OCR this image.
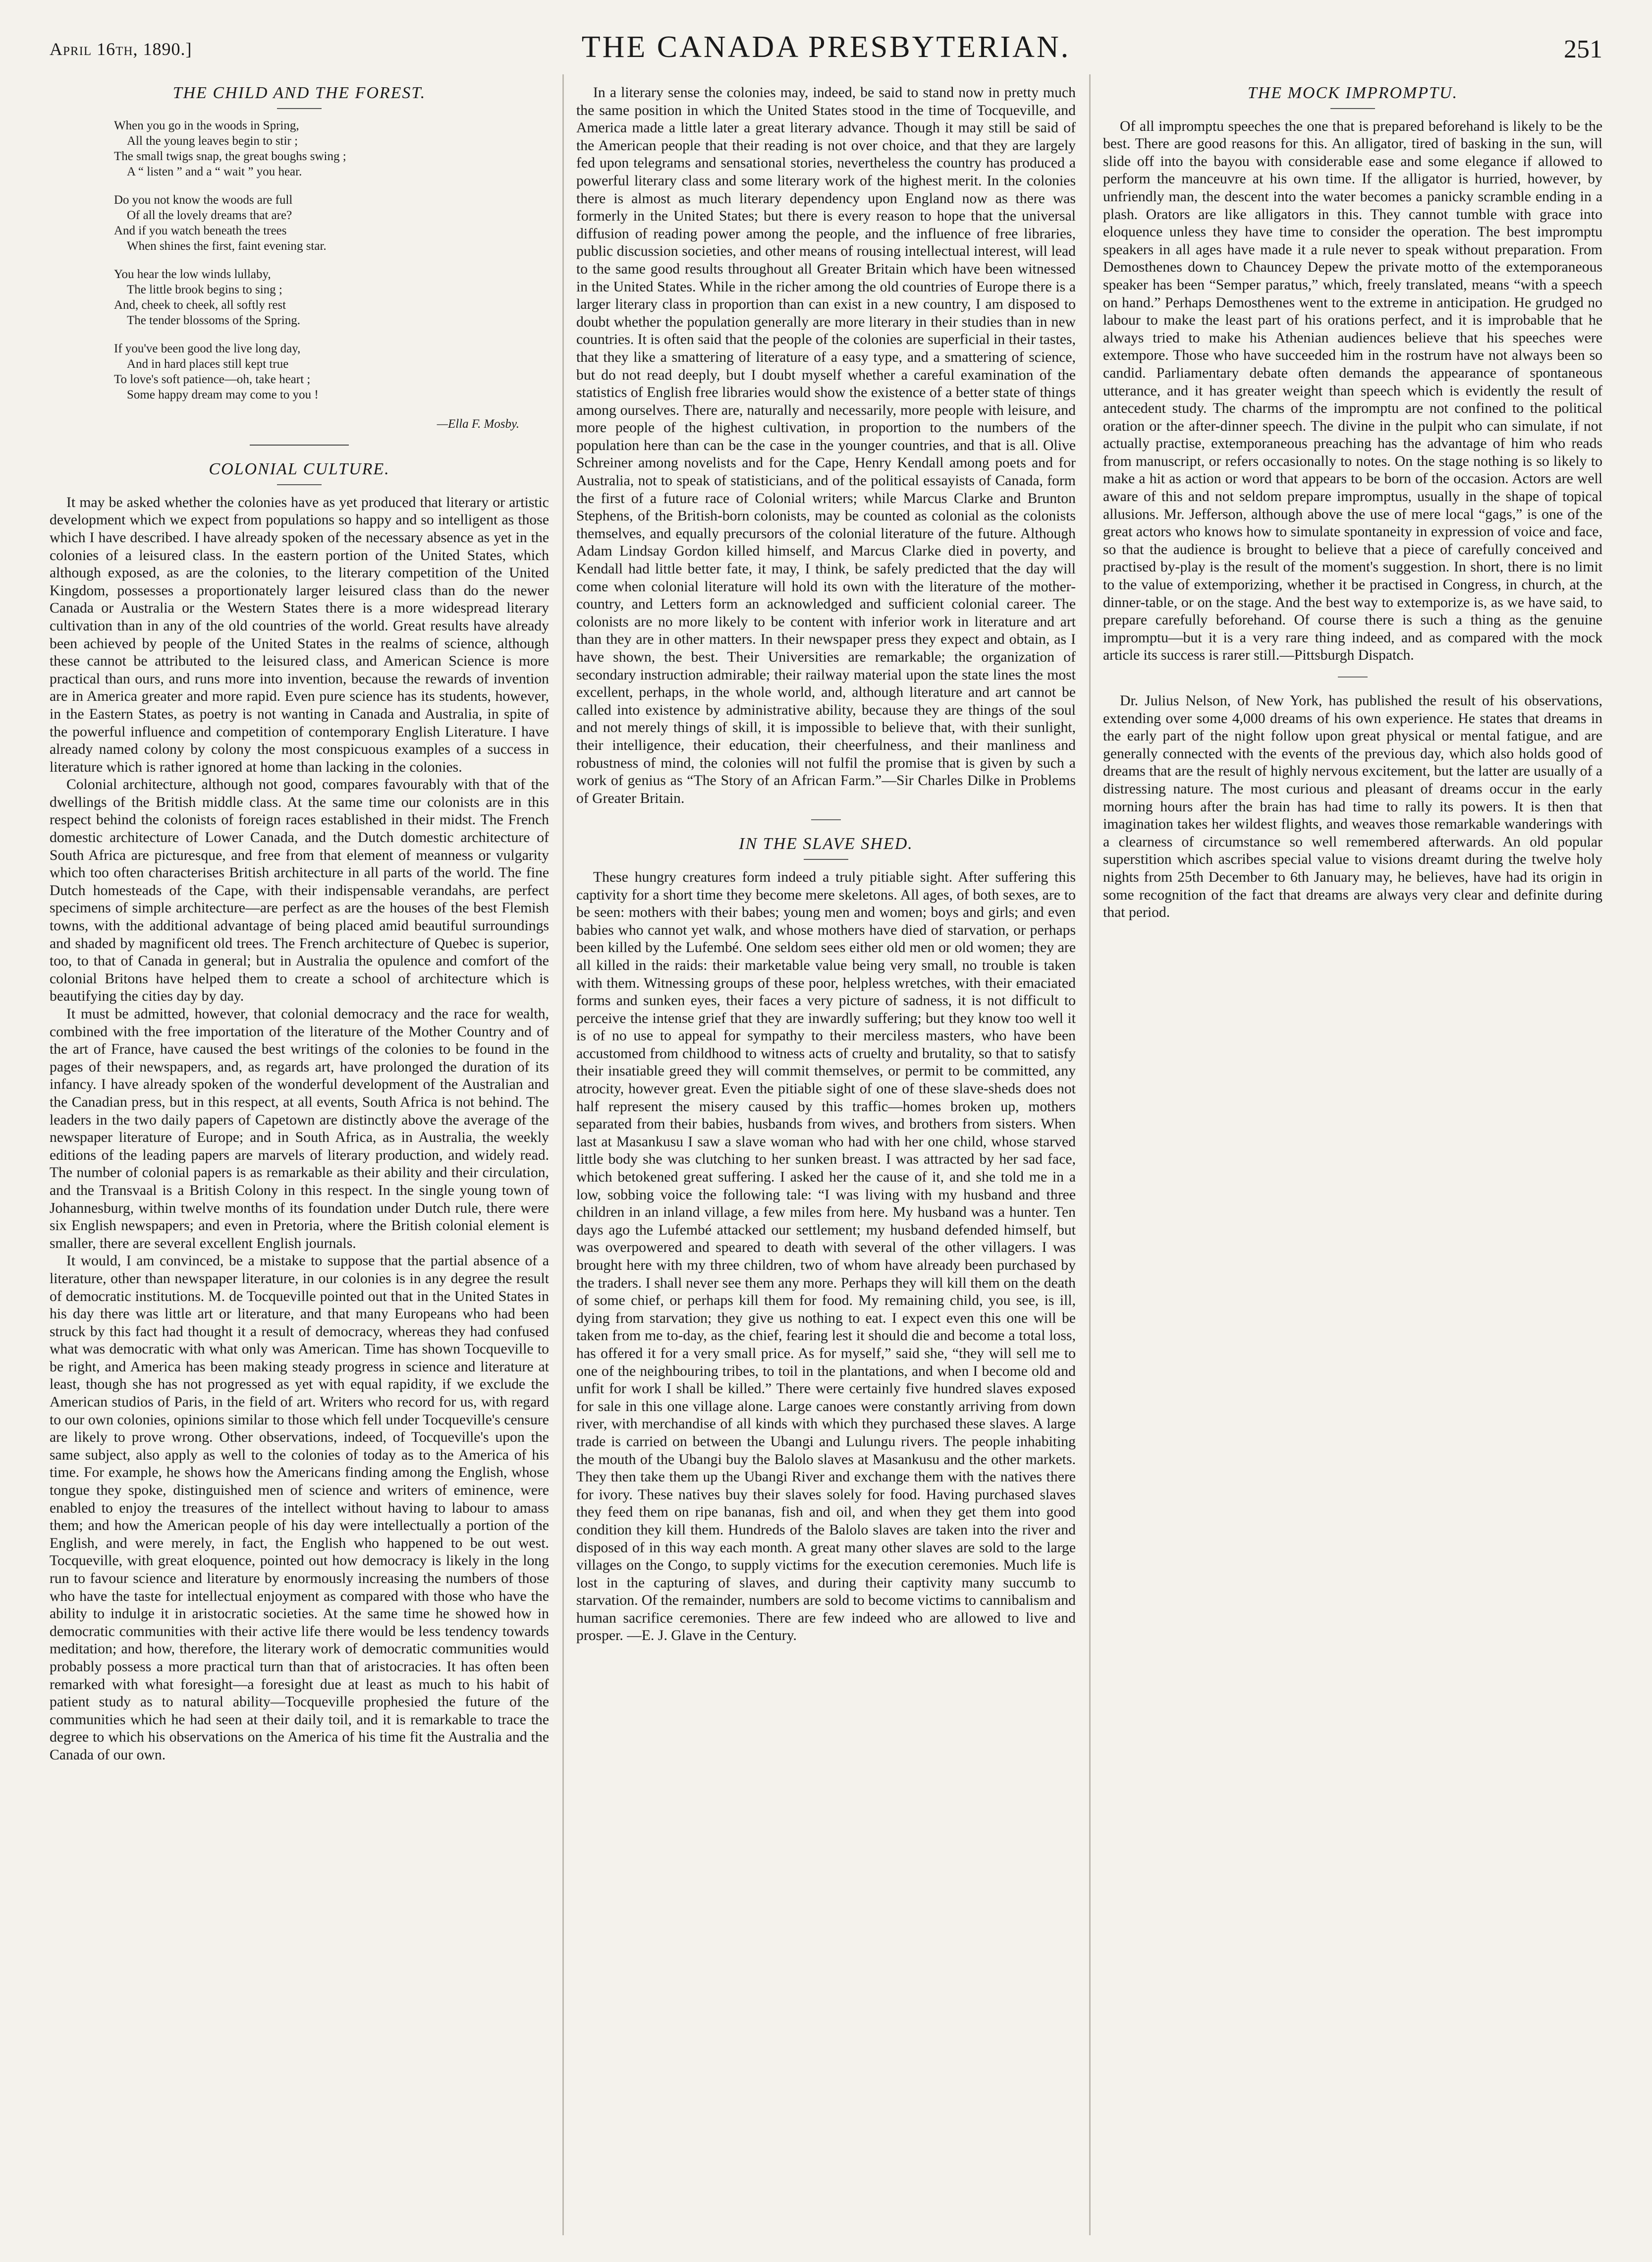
April 16th, 1890.]	THE CANADA PRESBYTERIAN.	251
THE CHILD AND THE FOREST.
When you go in the woods in Spring,
All the young leaves begin to stir ;
The small twigs snap, the great boughs swing ;
A “ listen ” and a “ wait ” you hear.
Do you not know the woods are full
Of all the lovely dreams that are?
And if you watch beneath the trees
When shines the first, faint evening star.
You hear the low winds lullaby,
The little brook begins to sing ;
And, cheek to cheek, all softly rest
The tender blossoms of the Spring.
If you've been good the live long day,
And in hard places still kept true
To love's soft patience—oh, take heart ;
Some happy dream may come to you !
—Ella F. Mosby.
COLONIAL CULTURE.

It may be asked whether the colonies have as yet produced that literary or artistic development which we expect from populations so happy and so intelligent as those which I have described. I have already spoken of the necessary absence as yet in the colonies of a leisured class. In the eastern portion of the United States, which although exposed, as are the colonies, to the literary competition of the United Kingdom, possesses a proportionately larger leisured class than do the newer Canada or Australia or the Western States there is a more widespread literary cultivation than in any of the old countries of the world. Great results have already been achieved by people of the United States in the realms of science, although these cannot be attributed to the leisured class, and American Science is more practical than ours, and runs more into invention, because the rewards of invention are in America greater and more rapid. Even pure science has its students, however, in the Eastern States, as poetry is not wanting in Canada and Australia, in spite of the powerful influence and competition of contemporary English Literature. I have already named colony by colony the most conspicuous examples of a success in literature which is rather ignored at home than lacking in the colonies.

Colonial architecture, although not good, compares favourably with that of the dwellings of the British middle class. At the same time our colonists are in this respect behind the colonists of foreign races established in their midst. The French domestic architecture of Lower Canada, and the Dutch domestic architecture of South Africa are picturesque, and free from that element of meanness or vulgarity which too often characterises British architecture in all parts of the world. The fine Dutch homesteads of the Cape, with their indispensable verandahs, are perfect specimens of simple architecture—are perfect as are the houses of the best Flemish towns, with the additional advantage of being placed amid beautiful surroundings and shaded by magnificent old trees. The French architecture of Quebec is superior, too, to that of Canada in general; but in Australia the opulence and comfort of the colonial Britons have helped them to create a school of architecture which is beautifying the cities day by day.

It must be admitted, however, that colonial democracy and the race for wealth, combined with the free importation of the literature of the Mother Country and of the art of France, have caused the best writings of the colonies to be found in the pages of their newspapers, and, as regards art, have prolonged the duration of its infancy. I have already spoken of the wonderful development of the Australian and the Canadian press, but in this respect, at all events, South Africa is not behind. The leaders in the two daily papers of Capetown are distinctly above the average of the newspaper literature of Europe; and in South Africa, as in Australia, the weekly editions of the leading papers are marvels of literary production, and widely read. The number of colonial papers is as remarkable as their ability and their circulation, and the Transvaal is a British Colony in this respect. In the single young town of Johannesburg, within twelve months of its foundation under Dutch rule, there were six English newspapers; and even in Pretoria, where the British colonial element is smaller, there are several excellent English journals.

It would, I am convinced, be a mistake to suppose that the partial absence of a literature, other than newspaper literature, in our colonies is in any degree the result of democratic institutions. M. de Tocqueville pointed out that in the United States in his day there was little art or literature, and that many Europeans who had been struck by this fact had thought it a result of democracy, whereas they had confused what was democratic with what only was American. Time has shown Tocqueville to be right, and America has been making steady progress in science and literature at least, though she has not progressed as yet with equal rapidity, if we exclude the American studios of Paris, in the field of art. Writers who record for us, with regard to our own colonies, opinions similar to those which fell under Tocqueville's censure are likely to prove wrong. Other observations, indeed, of Tocqueville's upon the same subject, also apply as well to the colonies of today as to the America of his time. For example, he shows how the Americans finding among the English, whose tongue they spoke, distinguished men of science and writers of eminence, were enabled to enjoy the treasures of the intellect without having to labour to amass them; and how the American people of his day were intellectually a portion of the English, and were merely, in fact, the English who happened to be out west. Tocqueville, with great eloquence, pointed out how democracy is likely in the long run to favour science and literature by enormously increasing the numbers of those who have the taste for intellectual enjoyment as compared with those who have the ability to indulge it in aristocratic societies. At the same time he showed how in democratic communities with their active life there would be less tendency towards meditation; and how, therefore, the literary work of democratic communities would probably possess a more practical turn than that of aristocracies. It has often been remarked with what foresight—a foresight due at least as much to his habit of patient study as to natural ability—Tocqueville prophesied the future of the communities which he had seen at their daily toil, and it is remarkable to trace the degree to which his observations on the America of his time fit the Australia and the Canada of our own.

In a literary sense the colonies may, indeed, be said to stand now in pretty much the same position in which the United States stood in the time of Tocqueville, and America made a little later a great literary advance. Though it may still be said of the American people that their reading is not over choice, and that they are largely fed upon telegrams and sensational stories, nevertheless the country has produced a powerful literary class and some literary work of the highest merit. In the colonies there is almost as much literary dependency upon England now as there was formerly in the United States; but there is every reason to hope that the universal diffusion of reading power among the people, and the influence of free libraries, public discussion societies, and other means of rousing intellectual interest, will lead to the same good results throughout all Greater Britain which have been witnessed in the United States. While in the richer among the old countries of Europe there is a larger literary class in proportion than can exist in a new country, I am disposed to doubt whether the population generally are more literary in their studies than in new countries. It is often said that the people of the colonies are superficial in their tastes, that they like a smattering of literature of a easy type, and a smattering of science, but do not read deeply, but I doubt myself whether a careful examination of the statistics of English free libraries would show the existence of a better state of things among ourselves. There are, naturally and necessarily, more people with leisure, and more people of the highest cultivation, in proportion to the numbers of the population here than can be the case in the younger countries, and that is all. Olive Schreiner among novelists and for the Cape, Henry Kendall among poets and for Australia, not to speak of statisticians, and of the political essayists of Canada, form the first of a future race of Colonial writers; while Marcus Clarke and Brunton Stephens, of the British-born colonists, may be counted as colonial as the colonists themselves, and equally precursors of the colonial literature of the future. Although Adam Lindsay Gordon killed himself, and Marcus Clarke died in poverty, and Kendall had little better fate, it may, I think, be safely predicted that the day will come when colonial literature will hold its own with the literature of the mother-country, and Letters form an acknowledged and sufficient colonial career. The colonists are no more likely to be content with inferior work in literature and art than they are in other matters. In their newspaper press they expect and obtain, as I have shown, the best. Their Universities are remarkable; the organization of secondary instruction admirable; their railway material upon the state lines the most excellent, perhaps, in the whole world, and, although literature and art cannot be called into existence by administrative ability, because they are things of the soul and not merely things of skill, it is impossible to believe that, with their sunlight, their intelligence, their education, their cheerfulness, and their manliness and robustness of mind, the colonies will not fulfil the promise that is given by such a work of genius as “The Story of an African Farm.”—Sir Charles Dilke in Problems of Greater Britain.

IN THE SLAVE SHED.

These hungry creatures form indeed a truly pitiable sight. After suffering this captivity for a short time they become mere skeletons. All ages, of both sexes, are to be seen: mothers with their babes; young men and women; boys and girls; and even babies who cannot yet walk, and whose mothers have died of starvation, or perhaps been killed by the Lufembé. One seldom sees either old men or old women; they are all killed in the raids: their marketable value being very small, no trouble is taken with them. Witnessing groups of these poor, helpless wretches, with their emaciated forms and sunken eyes, their faces a very picture of sadness, it is not difficult to perceive the intense grief that they are inwardly suffering; but they know too well it is of no use to appeal for sympathy to their merciless masters, who have been accustomed from childhood to witness acts of cruelty and brutality, so that to satisfy their insatiable greed they will commit themselves, or permit to be committed, any atrocity, however great. Even the pitiable sight of one of these slave-sheds does not half represent the misery caused by this traffic—homes broken up, mothers separated from their babies, husbands from wives, and brothers from sisters. When last at Masankusu I saw a slave woman who had with her one child, whose starved little body she was clutching to her sunken breast. I was attracted by her sad face, which betokened great suffering. I asked her the cause of it, and she told me in a low, sobbing voice the following tale: “I was living with my husband and three children in an inland village, a few miles from here. My husband was a hunter. Ten days ago the Lufembé attacked our settlement; my husband defended himself, but was overpowered and speared to death with several of the other villagers. I was brought here with my three children, two of whom have already been purchased by the traders. I shall never see them any more. Perhaps they will kill them on the death of some chief, or perhaps kill them for food. My remaining child, you see, is ill, dying from starvation; they give us nothing to eat. I expect even this one will be taken from me to-day, as the chief, fearing lest it should die and become a total loss, has offered it for a very small price. As for myself,” said she, “they will sell me to one of the neighbouring tribes, to toil in the plantations, and when I become old and unfit for work I shall be killed.” There were certainly five hundred slaves exposed for sale in this one village alone. Large canoes were constantly arriving from down river, with merchandise of all kinds with which they purchased these slaves. A large trade is carried on between the Ubangi and Lulungu rivers. The people inhabiting the mouth of the Ubangi buy the Balolo slaves at Masankusu and the other markets. They then take them up the Ubangi River and exchange them with the natives there for ivory. These natives buy their slaves solely for food. Having purchased slaves they feed them on ripe bananas, fish and oil, and when they get them into good condition they kill them. Hundreds of the Balolo slaves are taken into the river and disposed of in this way each month. A great many other slaves are sold to the large villages on the Congo, to supply victims for the execution ceremonies. Much life is lost in the capturing of slaves, and during their captivity many succumb to starvation. Of the remainder, numbers are sold to become victims to cannibalism and human sacrifice ceremonies. There are few indeed who are allowed to live and prosper. —E. J. Glave in the Century.

THE MOCK IMPROMPTU.

Of all impromptu speeches the one that is prepared beforehand is likely to be the best. There are good reasons for this. An alligator, tired of basking in the sun, will slide off into the bayou with considerable ease and some elegance if allowed to perform the manceuvre at his own time. If the alligator is hurried, however, by unfriendly man, the descent into the water becomes a panicky scramble ending in a plash. Orators are like alligators in this. They cannot tumble with grace into eloquence unless they have time to consider the operation. The best impromptu speakers in all ages have made it a rule never to speak without preparation. From Demosthenes down to Chauncey Depew the private motto of the extemporaneous speaker has been “Semper paratus,” which, freely translated, means “with a speech on hand.” Perhaps Demosthenes went to the extreme in anticipation. He grudged no labour to make the least part of his orations perfect, and it is improbable that he always tried to make his Athenian audiences believe that his speeches were extempore. Those who have succeeded him in the rostrum have not always been so candid. Parliamentary debate often demands the appearance of spontaneous utterance, and it has greater weight than speech which is evidently the result of antecedent study. The charms of the impromptu are not confined to the political oration or the after-dinner speech. The divine in the pulpit who can simulate, if not actually practise, extemporaneous preaching has the advantage of him who reads from manuscript, or refers occasionally to notes. On the stage nothing is so likely to make a hit as action or word that appears to be born of the occasion. Actors are well aware of this and not seldom prepare impromptus, usually in the shape of topical allusions. Mr. Jefferson, although above the use of mere local “gags,” is one of the great actors who knows how to simulate spontaneity in expression of voice and face, so that the audience is brought to believe that a piece of carefully conceived and practised by-play is the result of the moment's suggestion. In short, there is no limit to the value of extemporizing, whether it be practised in Congress, in church, at the dinner-table, or on the stage. And the best way to extemporize is, as we have said, to prepare carefully beforehand. Of course there is such a thing as the genuine impromptu—but it is a very rare thing indeed, and as compared with the mock article its success is rarer still.—Pittsburgh Dispatch.

Dr. Julius Nelson, of New York, has published the result of his observations, extending over some 4,000 dreams of his own experience. He states that dreams in the early part of the night follow upon great physical or mental fatigue, and are generally connected with the events of the previous day, which also holds good of dreams that are the result of highly nervous excitement, but the latter are usually of a distressing nature. The most curious and pleasant of dreams occur in the early morning hours after the brain has had time to rally its powers. It is then that imagination takes her wildest flights, and weaves those remarkable wanderings with a clearness of circumstance so well remembered afterwards. An old popular superstition which ascribes special value to visions dreamt during the twelve holy nights from 25th December to 6th January may, he believes, have had its origin in some recognition of the fact that dreams are always very clear and definite during that period.
